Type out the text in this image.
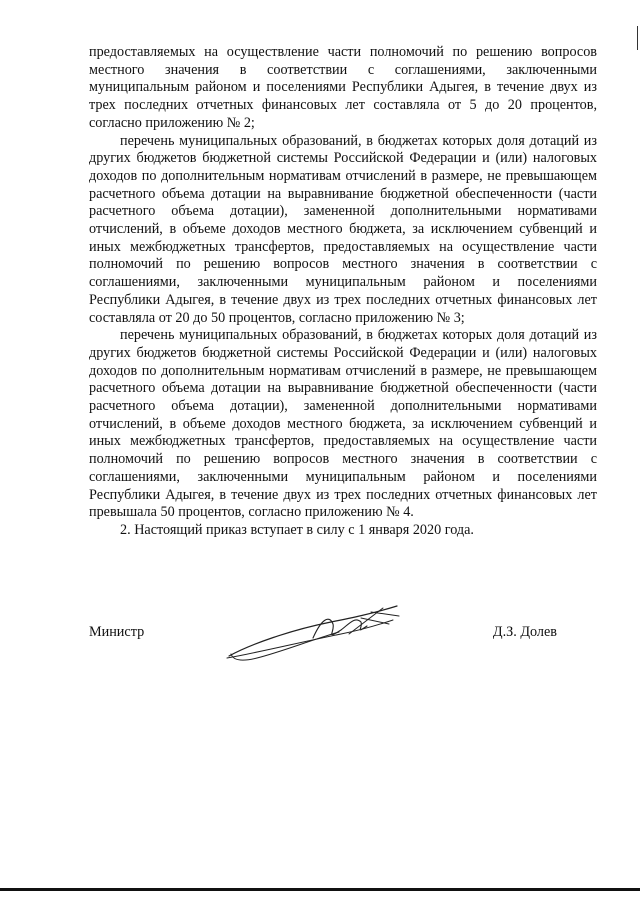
предоставляемых на осуществление части полномочий по решению вопросов местного значения в соответствии с соглашениями, заключенными муниципальным районом и поселениями Республики Адыгея, в течение двух из трех последних отчетных финансовых лет составляла от 5 до 20 процентов, согласно приложению № 2;

перечень муниципальных образований, в бюджетах которых доля дотаций из других бюджетов бюджетной системы Российской Федерации и (или) налоговых доходов по дополнительным нормативам отчислений в размере, не превышающем расчетного объема дотации на выравнивание бюджетной обеспеченности (части расчетного объема дотации), замененной дополнительными нормативами отчислений, в объеме доходов местного бюджета, за исключением субвенций и иных межбюджетных трансфертов, предоставляемых на осуществление части полномочий по решению вопросов местного значения в соответствии с соглашениями, заключенными муниципальным районом и поселениями Республики Адыгея, в течение двух из трех последних отчетных финансовых лет составляла от 20 до 50 процентов, согласно приложению № 3;

перечень муниципальных образований, в бюджетах которых доля дотаций из других бюджетов бюджетной системы Российской Федерации и (или) налоговых доходов по дополнительным нормативам отчислений в размере, не превышающем расчетного объема дотации на выравнивание бюджетной обеспеченности (части расчетного объема дотации), замененной дополнительными нормативами отчислений, в объеме доходов местного бюджета, за исключением субвенций и иных межбюджетных трансфертов, предоставляемых на осуществление части полномочий по решению вопросов местного значения в соответствии с соглашениями, заключенными муниципальным районом и поселениями Республики Адыгея, в течение двух из трех последних отчетных финансовых лет превышала 50 процентов, согласно приложению № 4.

2. Настоящий приказ вступает в силу с 1 января 2020 года.

Министр	Д.З. Долев
